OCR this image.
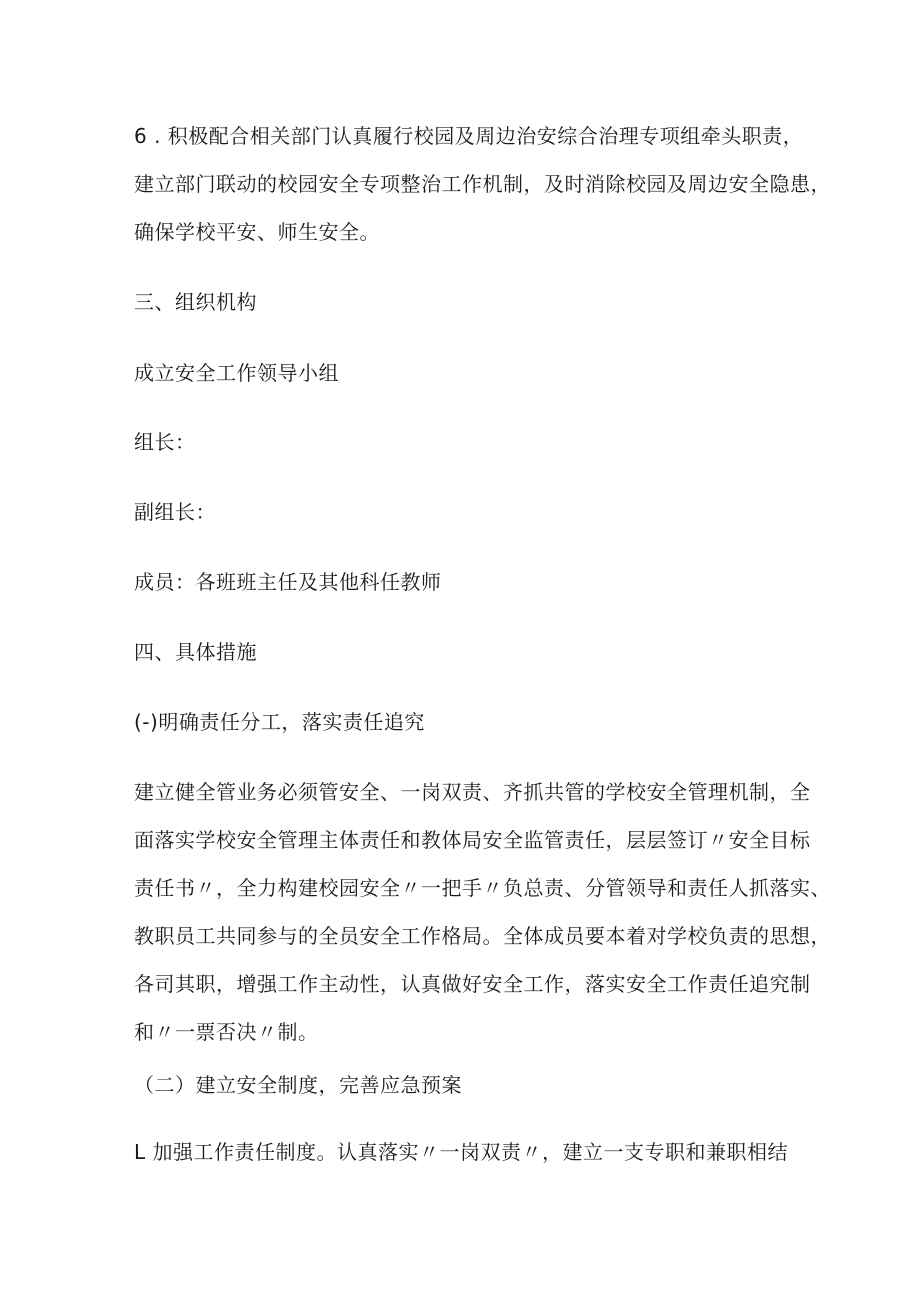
6 . 积极配合相关部门认真履行校园及周边治安综合治理专项组牵头职责，
建立部门联动的校园安全专项整治工作机制，及时消除校园及周边安全隐患，
确保学校平安、师生安全。
三、组织机构
成立安全工作领导小组
组长：
副组长：
成员：各班班主任及其他科任教师
四、具体措施
(-)明确责任分工，落实责任追究
建立健全管业务必须管安全、一岗双责、齐抓共管的学校安全管理机制，全
面落实学校安全管理主体责任和教体局安全监管责任，层层签订〃安全目标
责任书〃，全力构建校园安全〃一把手〃负总责、分管领导和责任人抓落实、
教职员工共同参与的全员安全工作格局。全体成员要本着对学校负责的思想，
各司其职，增强工作主动性，认真做好安全工作，落实安全工作责任追究制
和〃一票否决〃制。
（二）建立安全制度，完善应急预案
L 加强工作责任制度。认真落实〃一岗双责〃，建立一支专职和兼职相结
